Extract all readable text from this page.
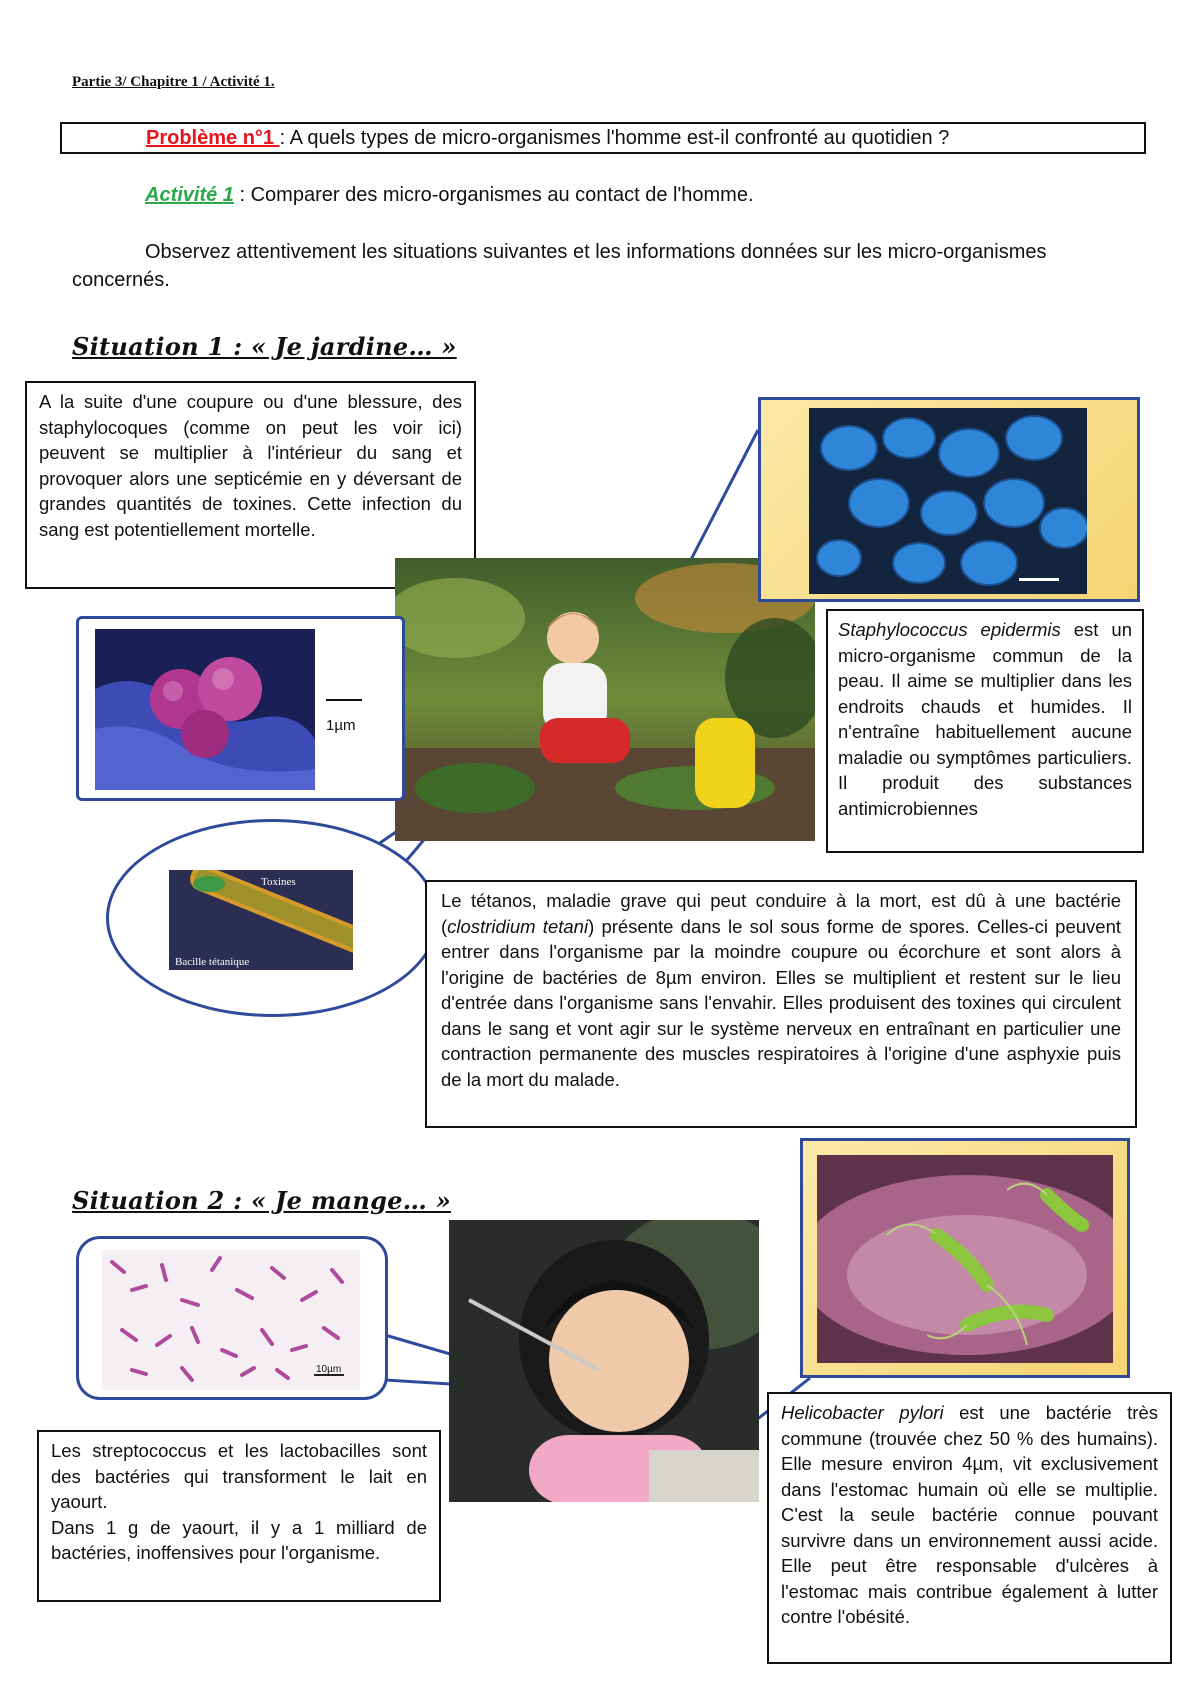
Partie 3/ Chapitre 1 / Activité 1.
Problème n°1 : A quels types de micro-organismes l'homme est-il confronté au quotidien ?
Activité 1 : Comparer des micro-organismes au contact de l'homme.
Observez attentivement les situations suivantes et les informations données sur les micro-organismes concernés.
Situation 1 : « Je jardine… »

A la suite d'une coupure ou d'une blessure, des staphylocoques (comme on peut les voir ici) peuvent se multiplier à l'intérieur du sang et provoquer alors une septicémie en y déversant de grandes quantités de toxines. Cette infection du sang est potentiellement mortelle.

1µm

Staphylococcus epidermis est un micro-organisme commun de la peau. Il aime se multiplier dans les endroits chauds et humides. Il n'entraîne habituellement aucune maladie ou symptômes particuliers. Il produit des substances antimicrobiennes

Toxines
Bacille tétanique

Le tétanos, maladie grave qui peut conduire à la mort, est dû à une bactérie (clostridium tetani) présente dans le sol sous forme de spores. Celles-ci peuvent entrer dans l'organisme par la moindre coupure ou écorchure et sont alors à l'origine de bactéries de 8µm environ. Elles se multiplient et restent sur le lieu d'entrée dans l'organisme sans l'envahir. Elles produisent des toxines qui circulent dans le sang et vont agir sur le système nerveux en entraînant en particulier une contraction permanente des muscles respiratoires à l'origine d'une asphyxie puis de la mort du malade.

Situation 2 : « Je mange… »
10µm

Les streptococcus et les lactobacilles sont des bactéries qui transforment le lait en yaourt.

Dans 1 g de yaourt, il y a 1 milliard de bactéries, inoffensives pour l'organisme.

Helicobacter pylori est une bactérie très commune (trouvée chez 50 % des humains). Elle mesure environ 4µm, vit exclusivement dans l'estomac humain où elle se multiplie. C'est la seule bactérie connue pouvant survivre dans un environnement aussi acide. Elle peut être responsable d'ulcères à l'estomac mais contribue également à lutter contre l'obésité.
